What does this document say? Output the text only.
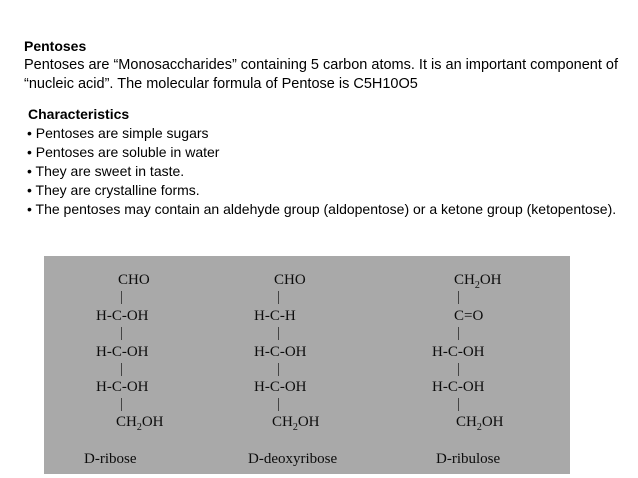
Pentoses

Pentoses are “Monosaccharides” containing 5 carbon atoms. It is an important component of “nucleic acid”. The molecular formula of Pentose is C5H10O5

Characteristics
• Pentoses are simple sugars
• Pentoses are soluble in water
• They are sweet in taste.
• They are crystalline forms.
• The pentoses may contain an aldehyde group (aldopentose) or a ketone group (ketopentose).
CHO
H-C-OH
H-C-OH
H-C-OH
$CH_2OH$
D-ribose
CHO
H-C-H
H-C-OH
H-C-OH
$CH_2OH$
D-deoxyribose
$CH_2OH$
C=O
H-C-OH
H-C-OH
$CH_2OH$
D-ribulose
